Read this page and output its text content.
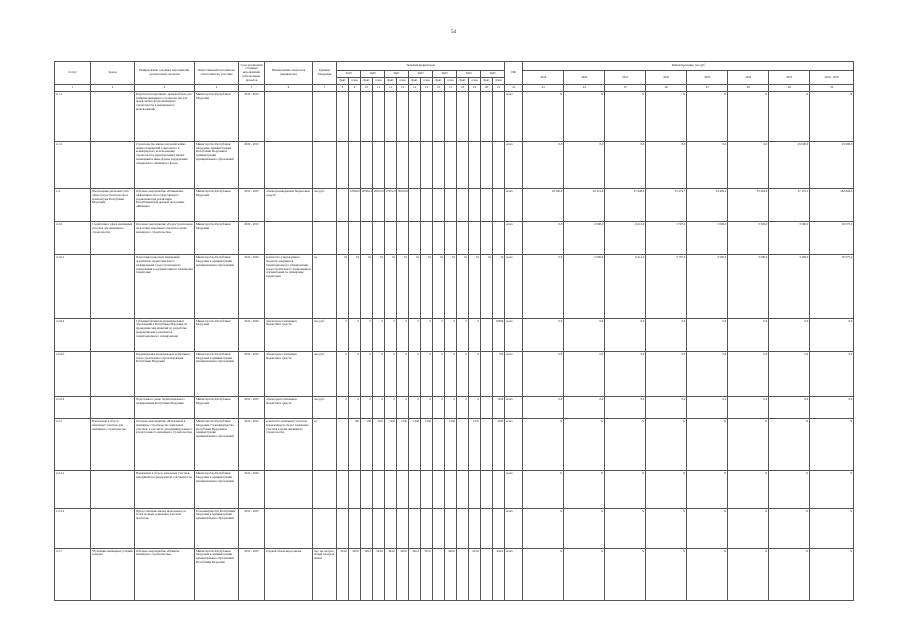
54
Статус	Задача	Наименование основных мероприятий, региональных проектов	Ответственный исполнитель, соисполнитель, участник	Срок реализации основных мероприятий, региональных проектов	Наименование показателя (индикатора)	Единица измерения	Значения индикаторов														ИФ	Финансирование, тыс.руб								
							2019		2020		2021		2022		2023		2024		2025			2019	2020	2021	2022	2023	2024	2025	2019 - 2025	
							факт	план	факт	план	факт	план	факт	план	факт	план	факт	план	факт	план										
1	2	3	4	5	6	7	8	9	10	11	12	13	14	15	16	17	18	19	20	21	22	23	24	25	26	27	28	29	30		
2.1.1		Разработка нормативно- правовой базы для развития жилищного строительства для целей любых форм жилищного строительства в маневренного использования	Министерство Республики Мордовия	2019 - 2025																	всего	X	X	X	X	X	X	X	X	
2.1.2		Строительство жилья для целей найма жилых помещений социального и коммерческого использования, строительство (приобретение) жилых помещений и иные формы поддержания специального жилищного фонда	Министерство Республики Мордовия, Администрация Республики Мордовия и администрации муниципальных образований	2019 - 2025																	всего	0,0	0,0	0,0	0,0	0,0	0,0	45 000,0	45 000,0	
1.4	Обеспечение деятельности в сфере градостроительства и архитектуры Республики Мордовия	Основное мероприятие «Повышение эффективности государственного управления при реализации Республиканской целевой программы «Жилище»	Министерство Республики Мордовия	2019 - 2025	объем произведенных бюджетных средств	тыс.руб.		18500,0	20584,4	28472,0	27972,0	30250,8									всего	18 500,0	20 472,6	47 648,2	35 274,7	34 404,2	33 294,9	37 170,1	182 844,5	
2.2.6	Содействие в сфере жилищных участков для жилищного строительства	Основное мероприятие «Градостроительная подготовка земельных участков в целях жилищного строительства»	Министерство Республики Мордовия	2019 - 2025																	всего	0,0	2 000,0	6 411,0	3 797,2	3 500,0	3 500,0	3 500,0	30 075,2	
2.2.6.1		Подготовка (внесение изменений) документов территориального планирования, градостроительного зонирования и документации по планировке территории	Министерство Республики Мордовия и администрации муниципальных образований	2019 - 2025	количество утвержденных проектов документов территориального планирования, градостроительного зонирования и документации по планировке территории	ед.	19	19	10	10	10	10	10	10	10	10	10	10	10	10	всего	0,0	2 000,0	6 411,0	3 797,2	3 500,0	3 500,0	3 500,0	30 075,2	
2.2.6.2		Субсидии бюджетам муниципальных образований в Республике Мордовия на проведение мероприятий по разработке (корректировке) документов территориального планирования	Министерство Республики Мордовия	2019 - 2025	объем предоставленных бюджетных средств	тыс.руб.	0	0	0	0	0	0	0	0	0	0	0	0		10000	всего	0,0	0,0	0,0	0,0	0,0	0,0	0,0	0,0	
2.2.6.3		Корректировка региональных нормативов градостроительного проектирования Республики Мордовия	Министерство Республики Мордовия и администрации муниципальных образований	2019 - 2025	объем предоставленных бюджетных средств	тыс.руб.	0	0	0	0	0	0	0	0	0	0	0	0		150	всего	0,0	0,0	0,0	0,0	0,0	0,0	0,0	0,0	
2.2.6.4		Подготовка к схеме территориального планирования Республики Мордовия	Министерство Республики Мордовия	2019 - 2025	объем предоставленных бюджетных средств	тыс.руб.	0	0	0	0	0	0	0	0	0	0	0	0		1500	всего	0,0	0,0	0,0	0,0	0,0	0,0	0,0	0,0	
2.2.2	Вовлечение в оборот земельных участков для жилищного строительства	Основное мероприятие «Вовлечение в жилищное строительство земельных участков, в том числе для индивидуального и малоэтажного жилищного строительства»	Министерство Республики Мордовия, Госкомимущество Республики Мордовия и администрации муниципальных образований	2019 - 2025	количество земельных участков вовлеченных в оборот земельных участков в целях жилищного строительства	ед.		100	100	1110	1110	1240	1240	1250		1250		1270		1285	всего	X	X	X	X	X	X	X	X	
2.2.2.1		Вовлечение в оборот земельных участков, находящихся в федеральной собственности	Министерство Республики Мордовия и администрации муниципальных образований	2019 - 2025																	всего	X	X	X	X	X	X	X	X	
2.2.2.2		Предоставление жилья, включаемого в более полный, земельных участков бесплатно	Госкомимущество Республики Мордовия и администрации муниципальных образований	2019 - 2025																	всего	X	X	X	X	X	X	X	X	
2.2.7	Улучшение жилищных условий граждан	Основное мероприятие «Развитие жилищного строительства»	Министерство Республики Мордовия и администрации муниципальных образований Республики Мордовия	2019 - 2025	Годовой объем ввода жилья	тыс. кв. метров общей площади жилья	323,0	328,0	348,3	324,0	324,0	340,0	340,3	335,0		400,0		413,0		434,0	всего	X	X	X	X	X	X	X	X	
